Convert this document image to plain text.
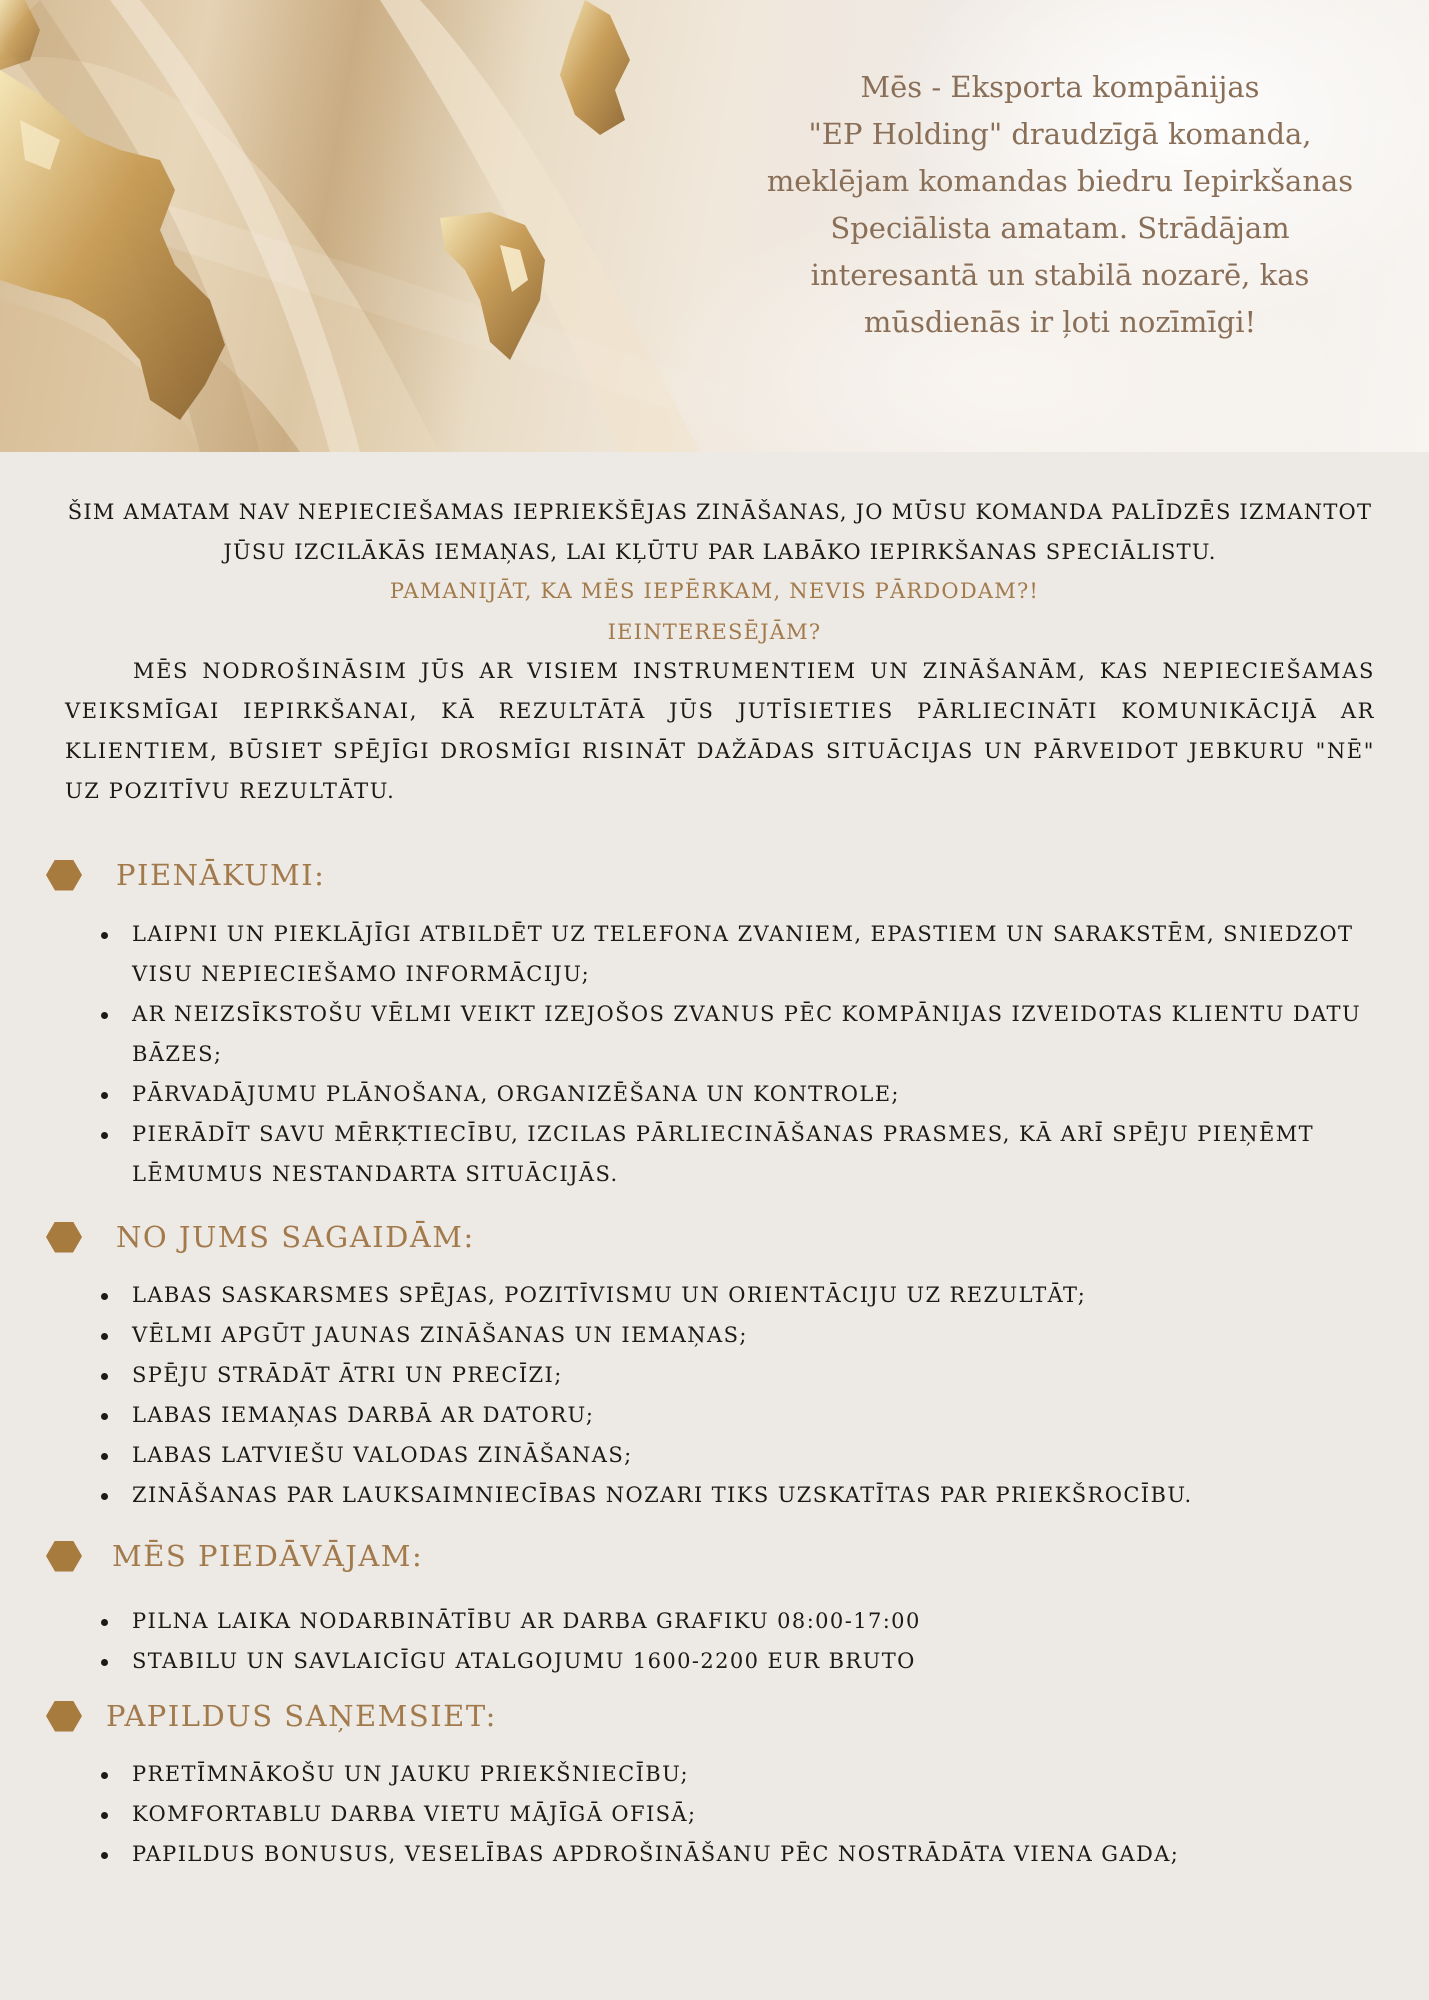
Mēs - Eksporta kompānijas
"EP Holding" draudzīgā komanda,
meklējam komandas biedru Iepirkšanas
Speciālista amatam. Strādājam
interesantā un stabilā nozarē, kas
mūsdienās ir ļoti nozīmīgi!

ŠIM AMATAM NAV NEPIECIEŠAMAS IEPRIEKŠĒJAS ZINĀŠANAS, JO MŪSU KOMANDA PALĪDZĒS IZMANTOT JŪSU IZCILĀKĀS IEMAŅAS, LAI KĻŪTU PAR LABĀKO IEPIRKŠANAS SPECIĀLISTU.

PAMANIJĀT, KA MĒS IEPĒRKAM, NEVIS PĀRDODAM?!

IEINTERESĒJĀM?

MĒS NODROŠINĀSIM JŪS AR VISIEM INSTRUMENTIEM UN ZINĀŠANĀM, KAS NEPIECIEŠAMAS VEIKSMĪGAI IEPIRKŠANAI, KĀ REZULTĀTĀ JŪS JUTĪSIETIES PĀRLIECINĀTI KOMUNIKĀCIJĀ AR KLIENTIEM, BŪSIET SPĒJĪGI DROSMĪGI RISINĀT DAŽĀDAS SITUĀCIJAS UN PĀRVEIDOT JEBKURU "NĒ" UZ POZITĪVU REZULTĀTU.

PIENĀKUMI:
LAIPNI UN PIEKLĀJĪGI ATBILDĒT UZ TELEFONA ZVANIEM, EPASTIEM UN SARAKSTĒM, SNIEDZOT VISU NEPIECIEŠAMO INFORMĀCIJU;
AR NEIZSĪKSTOŠU VĒLMI VEIKT IZEJOŠOS ZVANUS PĒC KOMPĀNIJAS IZVEIDOTAS KLIENTU DATU BĀZES;
PĀRVADĀJUMU PLĀNOŠANA, ORGANIZĒŠANA UN KONTROLE;
PIERĀDĪT SAVU MĒRĶTIECĪBU, IZCILAS PĀRLIECINĀŠANAS PRASMES, KĀ ARĪ SPĒJU PIEŅĒMT LĒMUMUS NESTANDARTA SITUĀCIJĀS.
NO JUMS SAGAIDĀM:
LABAS SASKARSMES SPĒJAS, POZITĪVISMU UN ORIENTĀCIJU UZ REZULTĀT;
VĒLMI APGŪT JAUNAS ZINĀŠANAS UN IEMAŅAS;
SPĒJU STRĀDĀT ĀTRI UN PRECĪZI;
LABAS IEMAŅAS DARBĀ AR DATORU;
LABAS LATVIEŠU VALODAS ZINĀŠANAS;
ZINĀŠANAS PAR LAUKSAIMNIECĪBAS NOZARI TIKS UZSKATĪTAS PAR PRIEKŠROCĪBU.
MĒS PIEDĀVĀJAM:
PILNA LAIKA NODARBINĀTĪBU AR DARBA GRAFIKU 08:00-17:00
STABILU UN SAVLAICĪGU ATALGOJUMU 1600-2200 EUR BRUTO
PAPILDUS SAŅEMSIET:
PRETĪMNĀKOŠU UN JAUKU PRIEKŠNIECĪBU;
KOMFORTABLU DARBA VIETU MĀJĪGĀ OFISĀ;
PAPILDUS BONUSUS, VESELĪBAS APDROŠINĀŠANU PĒC NOSTRĀDĀTA VIENA GADA;
